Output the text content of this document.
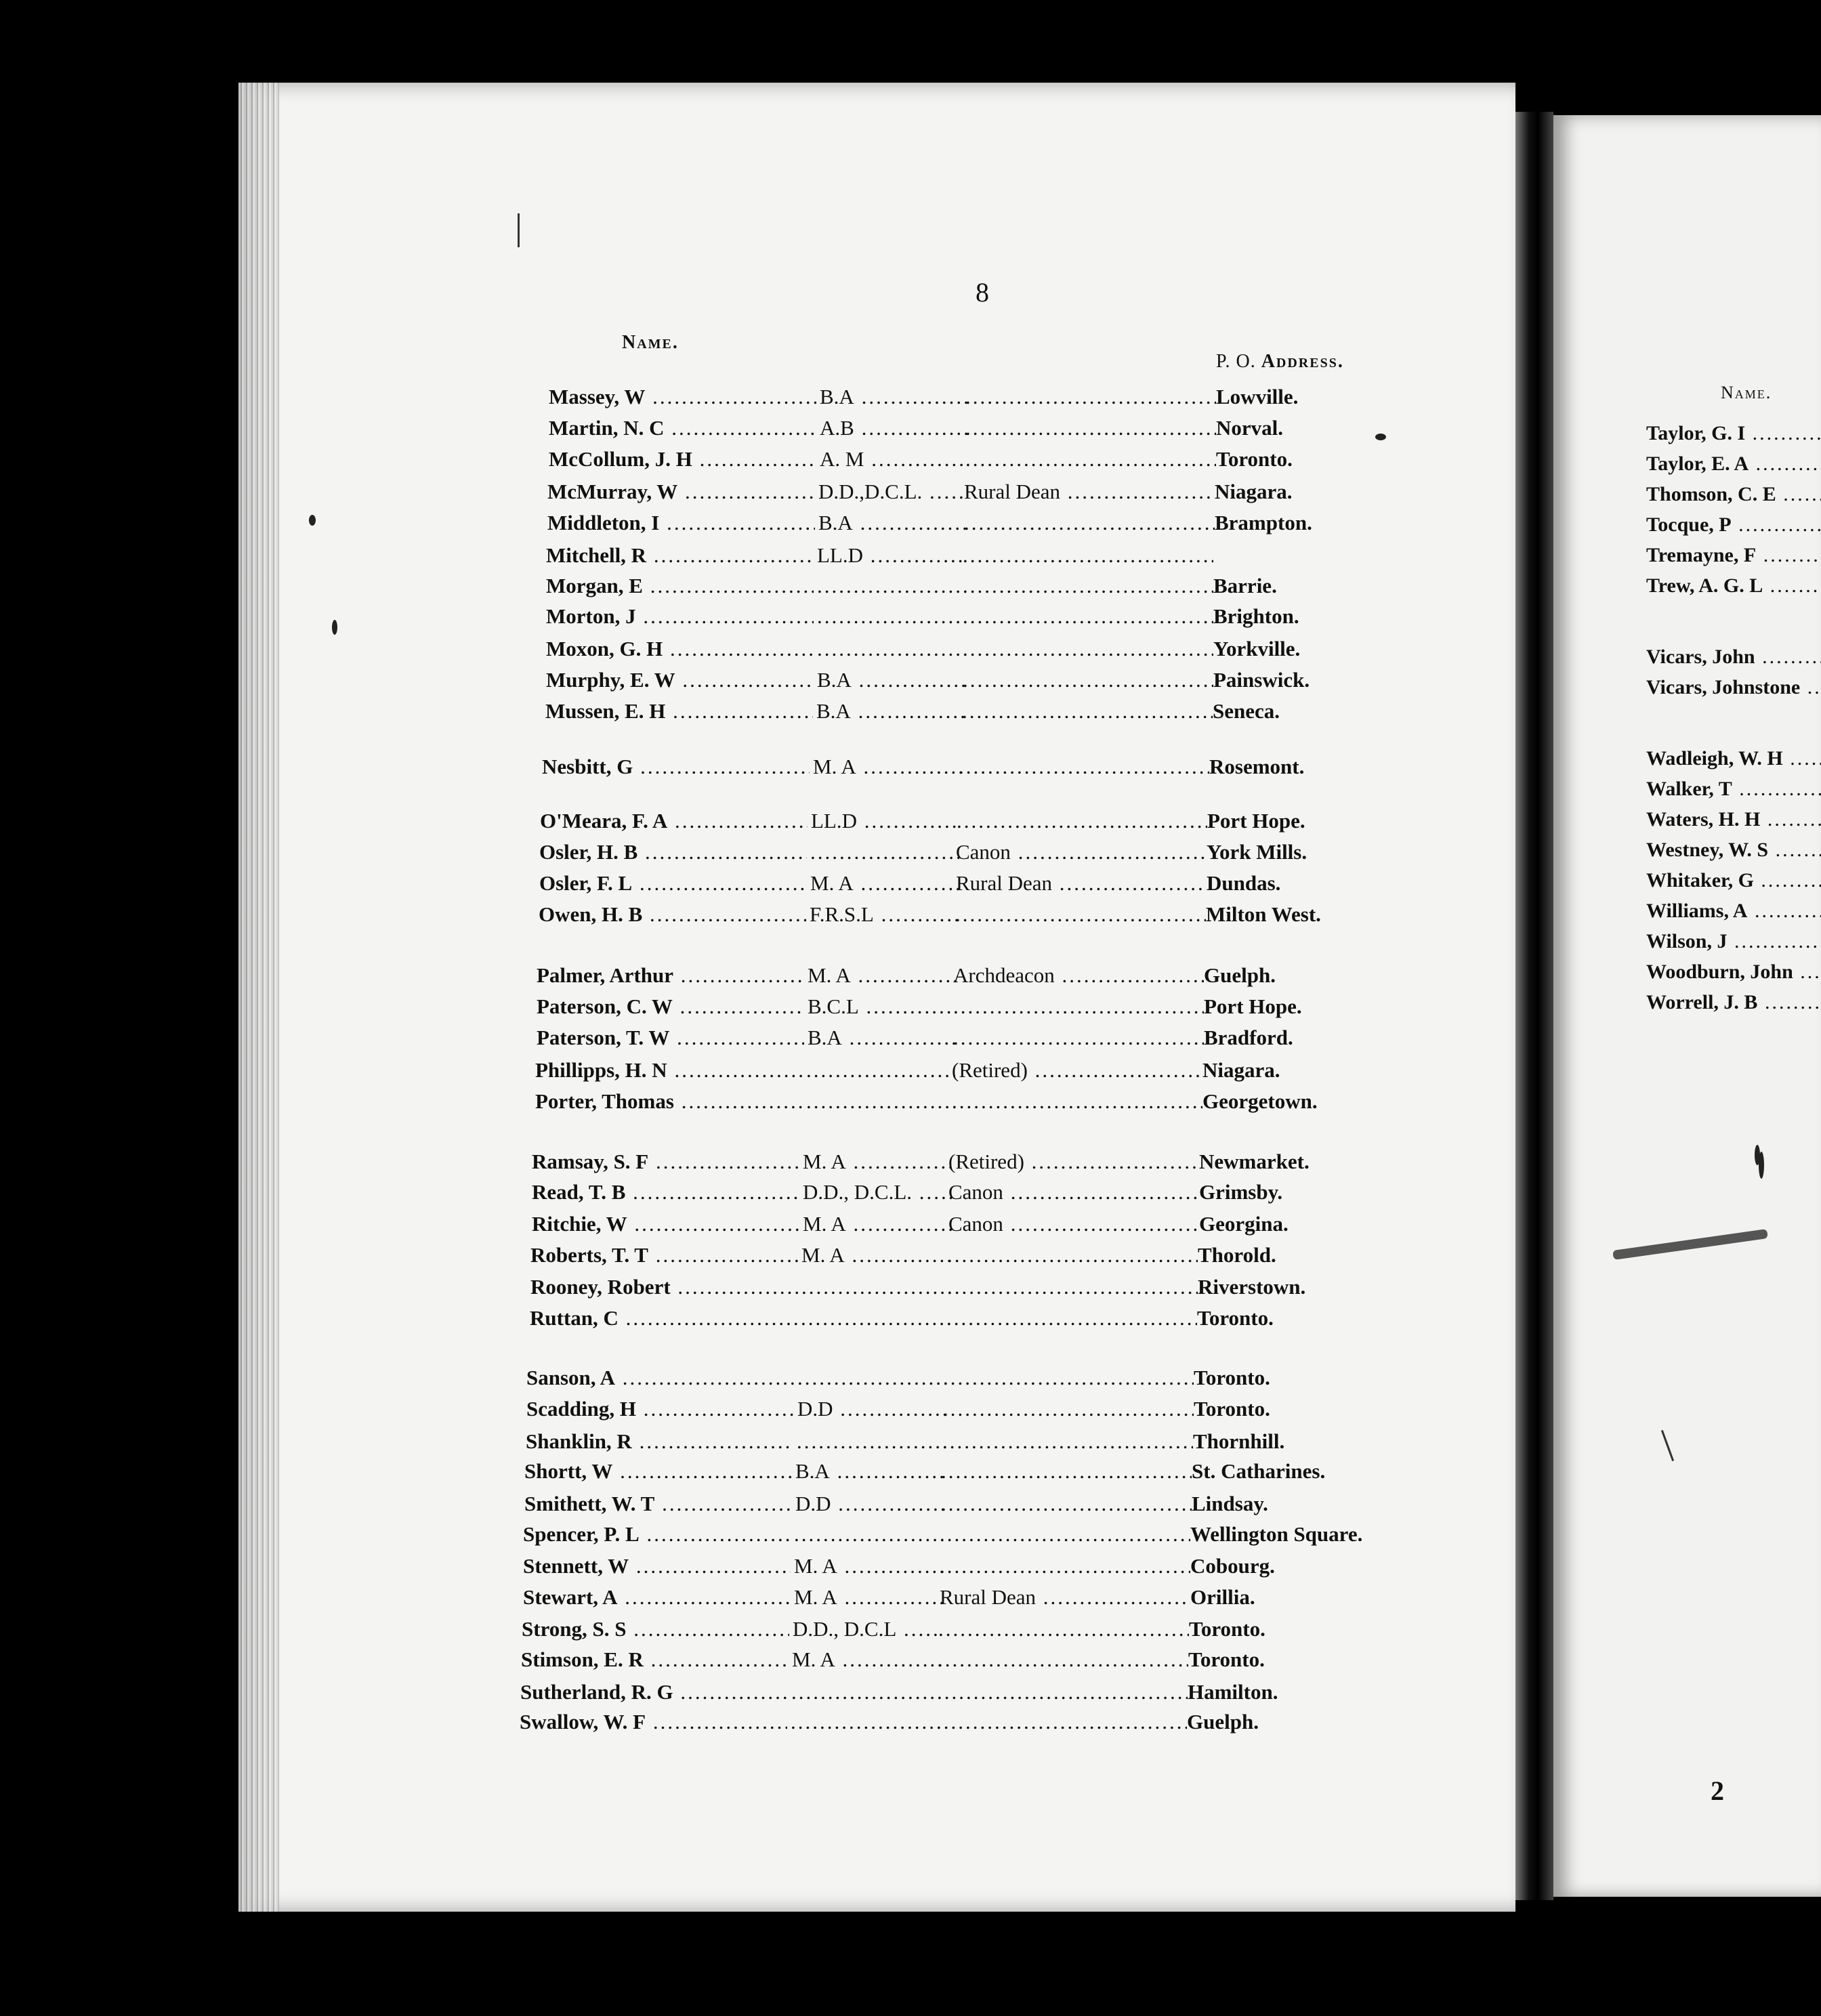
8
Name.
P. O. Address.
Massey, W .....	B.A ..... .....	Lowville.
Martin, N. C .....	A.B ..... .....	Norval.
McCollum, J. H .....	A. M ..... .....	Toronto.
McMurray, W .....	D.D.,D.C.L. .....	Rural Dean .....	Niagara.
Middleton, I .....	B.A ..... .....	Brampton.
Mitchell, R .....	LL.D .....
.....
Morgan, E ..... ..... .....	Barrie.
Morton, J ..... ..... .....	Brighton.
Moxon, G. H ..... ..... .....	Yorkville.
Murphy, E. W .....	B.A ..... .....	Painswick.
Mussen, E. H .....	B.A ..... .....	Seneca.
Nesbitt, G .....	M. A ..... .....	Rosemont.
O'Meara, F. A .....	LL.D ..... .....	Port Hope.
Osler, H. B ..... .....	Canon .....	York Mills.
Osler, F. L .....	M. A .....	Rural Dean .....	Dundas.
Owen, H. B .....	F.R.S.L ..... .....	Milton West.
Palmer, Arthur .....	M. A .....	Archdeacon .....	Guelph.
Paterson, C. W .....	B.C.L ..... .....	Port Hope.
Paterson, T. W .....	B.A ..... .....	Bradford.
Phillipps, H. N ..... .....	(Retired) .....	Niagara.
Porter, Thomas ..... ..... .....	Georgetown.
Ramsay, S. F .....	M. A .....	(Retired) .....	Newmarket.
Read, T. B .....	D.D., D.C.L. .....	Canon .....	Grimsby.
Ritchie, W .....	M. A .....	Canon .....	Georgina.
Roberts, T. T .....	M. A ..... .....	Thorold.
Rooney, Robert ..... ..... .....	Riverstown.
Ruttan, C ..... ..... .....	Toronto.
Sanson, A ..... ..... .....	Toronto.
Scadding, H .....	D.D ..... .....	Toronto.
Shanklin, R ..... ..... .....	Thornhill.
Shortt, W .....	B.A ..... .....	St. Catharines.
Smithett, W. T .....	D.D ..... .....	Lindsay.
Spencer, P. L ..... ..... .....	Wellington Square.
Stennett, W .....	M. A ..... .....	Cobourg.
Stewart, A .....	M. A .....	Rural Dean .....	Orillia.
Strong, S. S .....	D.D., D.C.L ..... .....	Toronto.
Stimson, E. R .....	M. A ..... .....	Toronto.
Sutherland, R. G ..... ..... .....	Hamilton.
Swallow, W. F ..... ..... .....	Guelph.
Name.
Taylor, G. I .....
Taylor, E. A .....
Thomson, C. E .....
Tocque, P .....
Tremayne, F .....
Trew, A. G. L .....
Vicars, John .....
Vicars, Johnstone .....
Wadleigh, W. H .....
Walker, T .....
Waters, H. H .....
Westney, W. S .....
Whitaker, G .....
Williams, A .....
Wilson, J .....
Woodburn, John .....
Worrell, J. B .....
2
